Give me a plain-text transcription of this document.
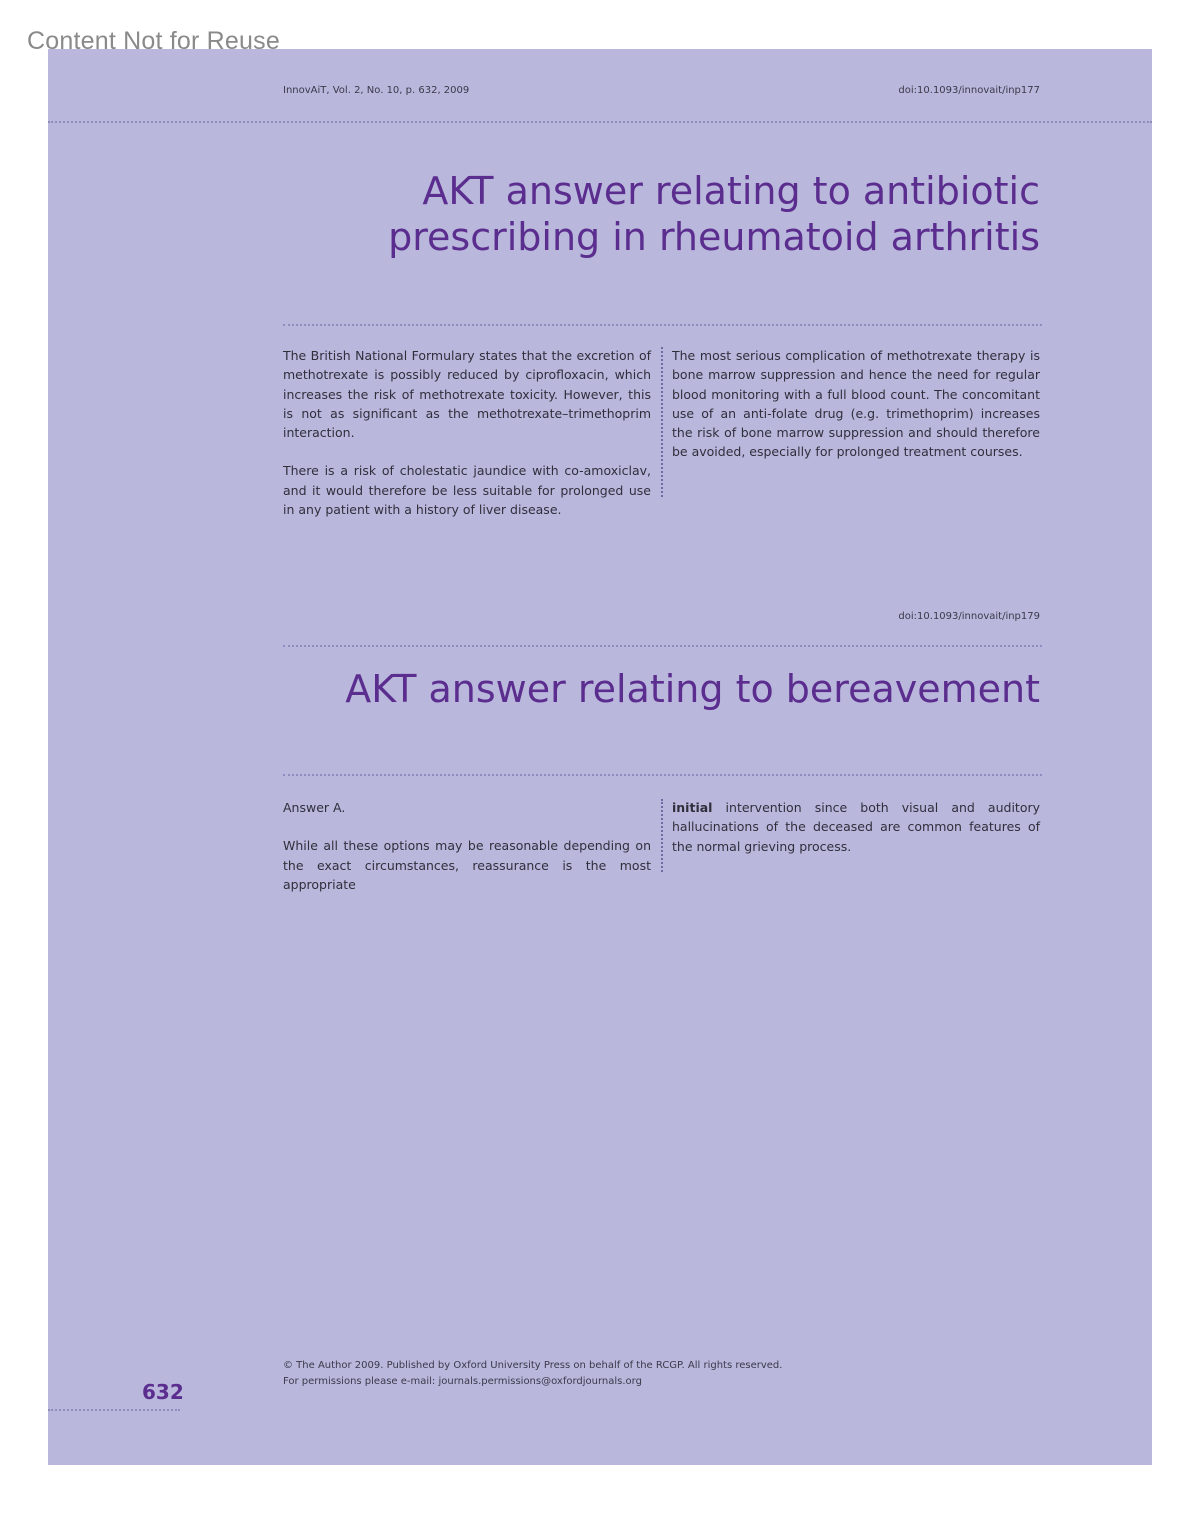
Content Not for Reuse
InnovAiT, Vol. 2, No. 10, p. 632, 2009	doi:10.1093/innovait/inp177
AKT answer relating to antibiotic
prescribing in rheumatoid arthritis

The British National Formulary states that the excretion of methotrexate is possibly reduced by ciprofloxacin, which increases the risk of methotrexate toxicity. However, this is not as significant as the methotrexate–trimethoprim interaction.

There is a risk of cholestatic jaundice with co-amoxiclav, and it would therefore be less suitable for prolonged use in any patient with a history of liver disease.

The most serious complication of methotrexate therapy is bone marrow suppression and hence the need for regular blood monitoring with a full blood count. The concomitant use of an anti-folate drug (e.g. trimethoprim) increases the risk of bone marrow suppression and should therefore be avoided, especially for prolonged treatment courses.

doi:10.1093/innovait/inp179
AKT answer relating to bereavement

Answer A.

While all these options may be reasonable depending on the exact circumstances, reassurance is the most appropriate

initial intervention since both visual and auditory hallucinations of the deceased are common features of the normal grieving process.

© The Author 2009. Published by Oxford University Press on behalf of the RCGP. All rights reserved.
For permissions please e-mail: journals.permissions@oxfordjournals.org
632
